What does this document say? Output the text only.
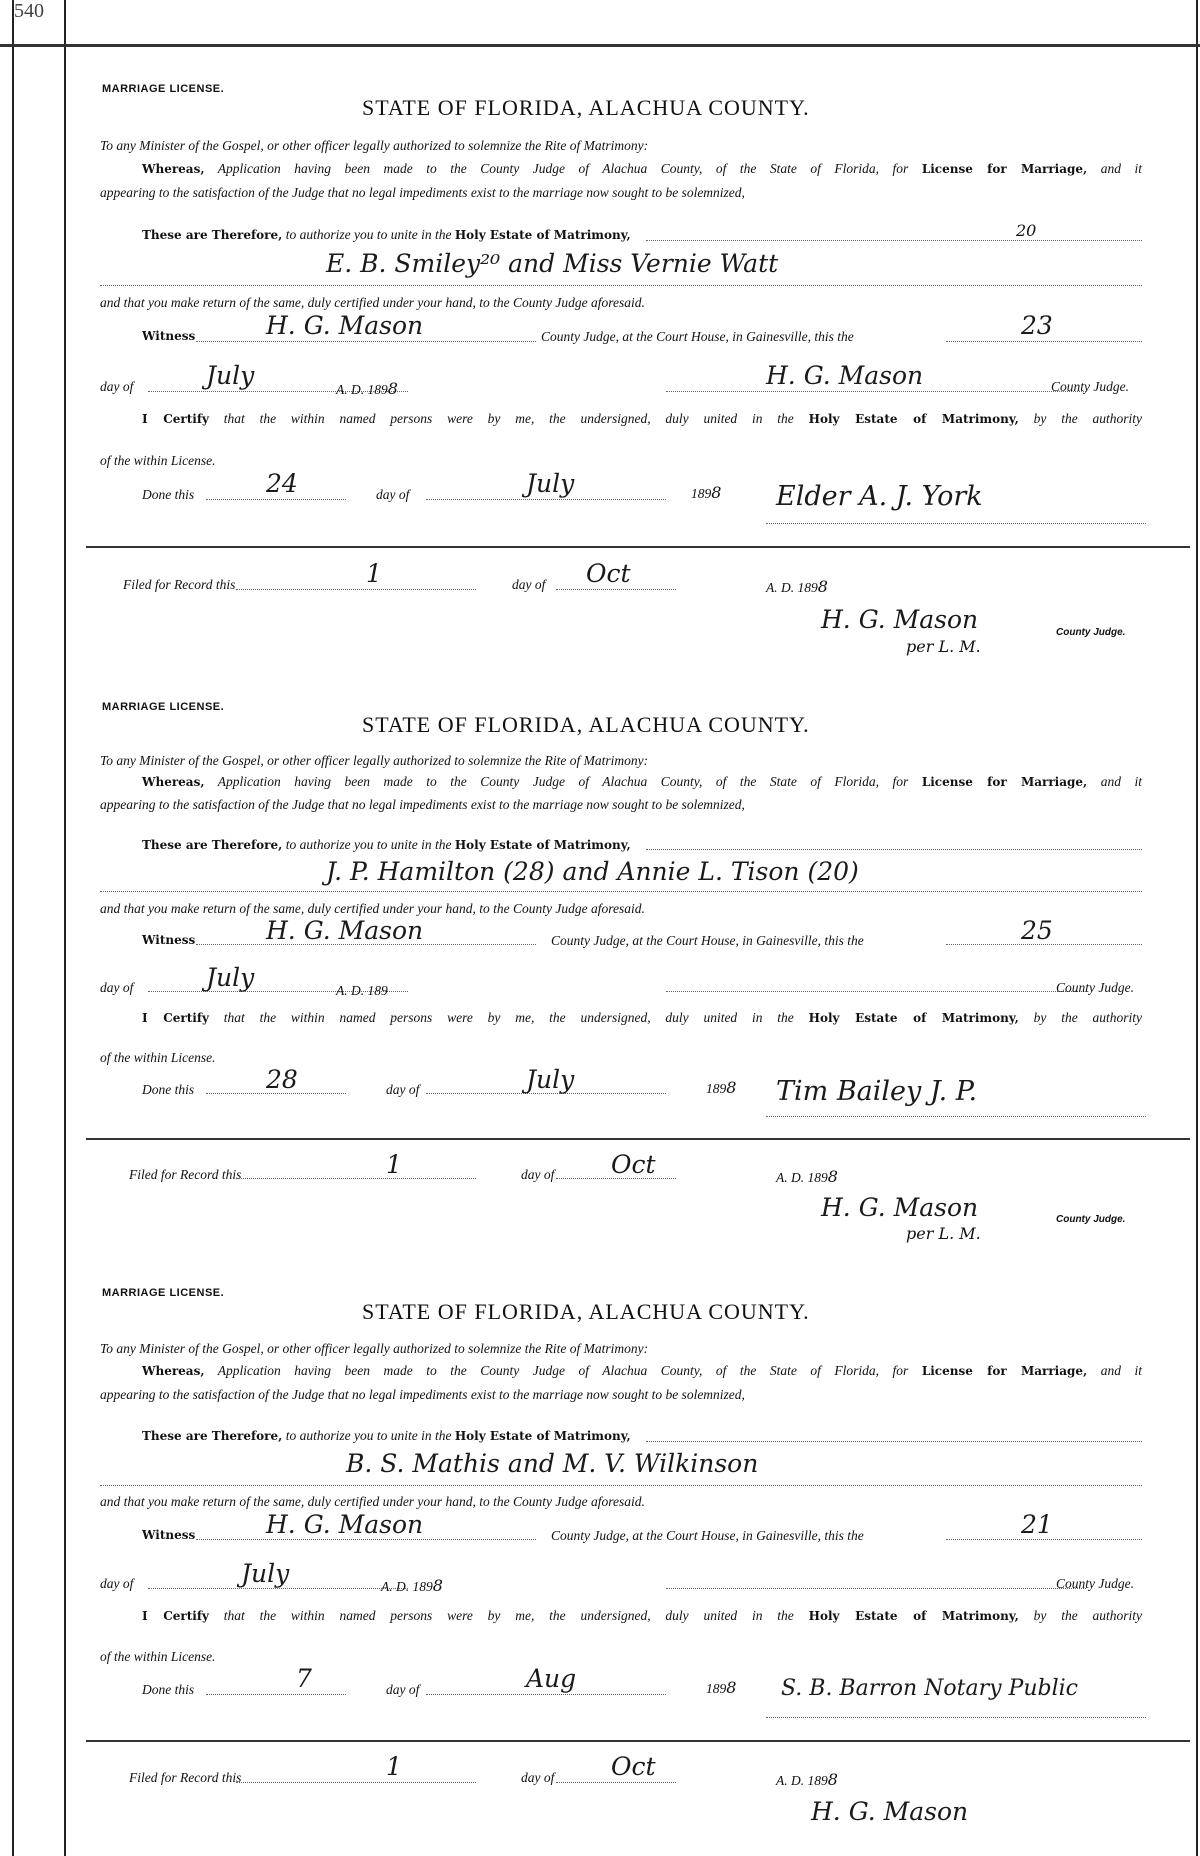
540
MARRIAGE LICENSE.
STATE OF FLORIDA, ALACHUA COUNTY.
To any Minister of the Gospel, or other officer legally authorized to solemnize the Rite of Matrimony:
Whereas, Application having been made to the County Judge of Alachua County, of the State of Florida, for License for Marriage, and it
appearing to the satisfaction of the Judge that no legal impediments exist to the marriage now sought to be solemnized,
These are Therefore, to authorize you to unite in the Holy Estate of Matrimony,	20
E. B. Smiley²⁰ and Miss Vernie Watt
and that you make return of the same, duly certified under your hand, to the County Judge aforesaid.
Witness	H. G. Mason	County Judge, at the Court House, in Gainesville, this the	23
day of	July	A. D. 1898	H. G. Mason	County Judge.
I Certify that the within named persons were by me, the undersigned, duly united in the Holy Estate of Matrimony, by the authority
of the within License.
Done this	24	day of	July	1898 Elder A. J. York
Filed for Record this	1	day of Oct	A. D. 1898
H. G. Mason
per L. M.
County Judge.
MARRIAGE LICENSE.
STATE OF FLORIDA, ALACHUA COUNTY.
To any Minister of the Gospel, or other officer legally authorized to solemnize the Rite of Matrimony:
Whereas, Application having been made to the County Judge of Alachua County, of the State of Florida, for License for Marriage, and it
appearing to the satisfaction of the Judge that no legal impediments exist to the marriage now sought to be solemnized,
These are Therefore, to authorize you to unite in the Holy Estate of Matrimony,
J. P. Hamilton (28) and Annie L. Tison (20)
and that you make return of the same, duly certified under your hand, to the County Judge aforesaid.
Witness	H. G. Mason	County Judge, at the Court House, in Gainesville, this the	25
day of	July	A. D. 189	County Judge.
I Certify that the within named persons were by me, the undersigned, duly united in the Holy Estate of Matrimony, by the authority
of the within License.
Done this	28	day of	July	1898 Tim Bailey J. P.
Filed for Record this	1	day of Oct	A. D. 1898
H. G. Mason
per L. M.
County Judge.
MARRIAGE LICENSE.
STATE OF FLORIDA, ALACHUA COUNTY.
To any Minister of the Gospel, or other officer legally authorized to solemnize the Rite of Matrimony:
Whereas, Application having been made to the County Judge of Alachua County, of the State of Florida, for License for Marriage, and it
appearing to the satisfaction of the Judge that no legal impediments exist to the marriage now sought to be solemnized,
These are Therefore, to authorize you to unite in the Holy Estate of Matrimony,
B. S. Mathis and M. V. Wilkinson
and that you make return of the same, duly certified under your hand, to the County Judge aforesaid.
Witness	H. G. Mason	County Judge, at the Court House, in Gainesville, this the	21
day of	July	A. D. 1898	County Judge.
I Certify that the within named persons were by me, the undersigned, duly united in the Holy Estate of Matrimony, by the authority
of the within License.
Done this	7	day of	Aug	1898 S. B. Barron Notary Public
Filed for Record this	1	day of Oct	A. D. 1898
H. G. Mason
